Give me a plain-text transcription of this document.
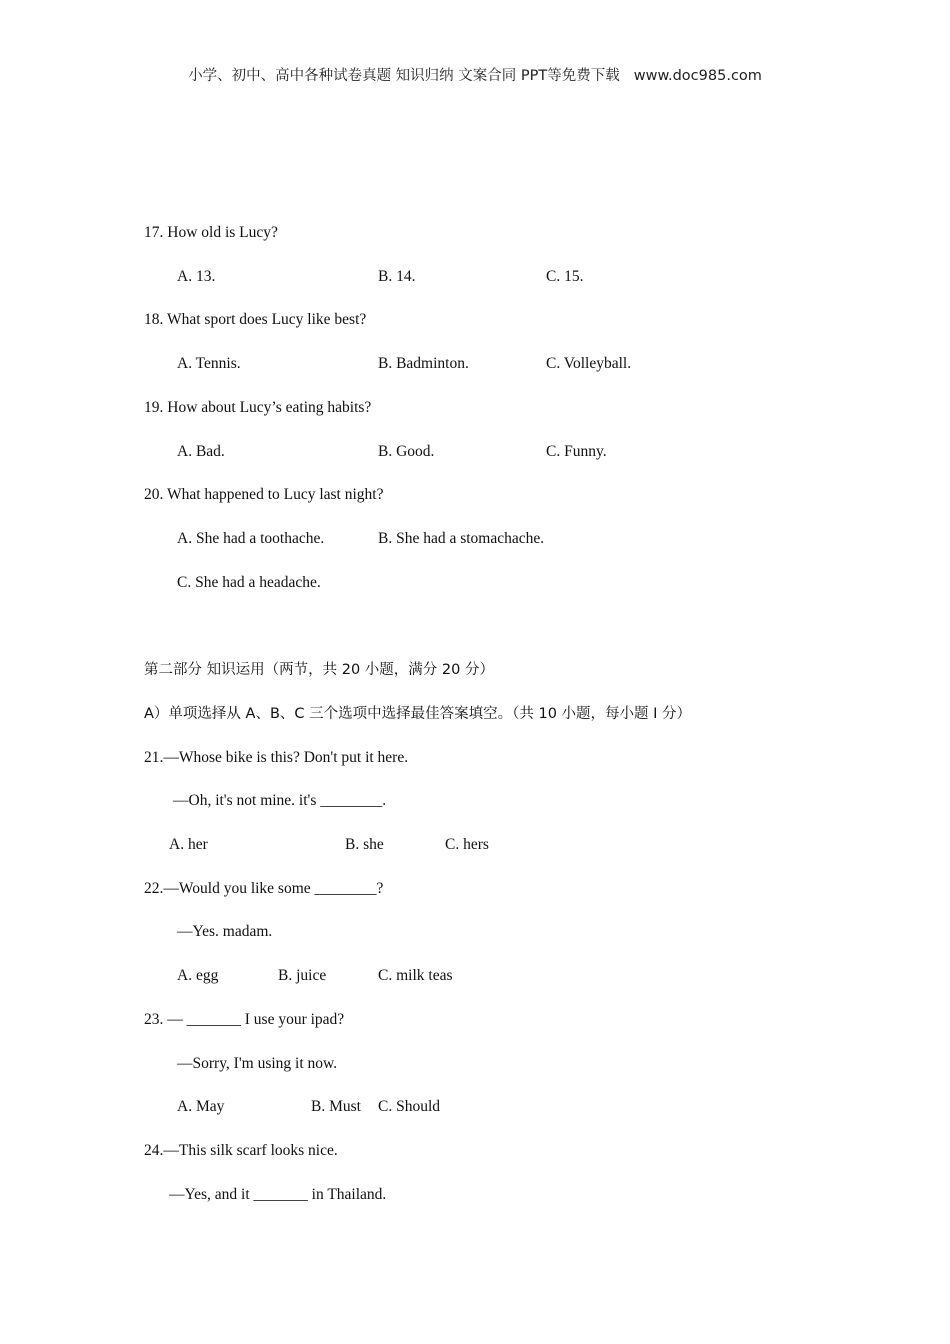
小学、初中、高中各种试卷真题 知识归纳 文案合同 PPT等免费下载 www.doc985.com
17. How old is Lucy?
A. 13.	B. 14.	C. 15.
18. What sport does Lucy like best?
A. Tennis.	B. Badminton.	C. Volleyball.
19. How about Lucy’s eating habits?
A. Bad.	B. Good.	C. Funny.
20. What happened to Lucy last night?
A. She had a toothache.	B. She had a stomachache.
C. She had a headache.
第二部分 知识运用（两节，共 20 小题，满分 20 分）
A）单项选择从 A、B、C 三个选项中选择最佳答案填空。（共 10 小题，每小题 I 分）
21.—Whose bike is this? Don't put it here.
—Oh, it's not mine. it's ________.
A. her	B. she	C. hers
22.—Would you like some ________?
—Yes. madam.
A. egg	B. juice	C. milk teas
23. — _______ I use your ipad?
—Sorry, I'm using it now.
A. May	B. Must C. Should
24.—This silk scarf looks nice.
—Yes, and it _______ in Thailand.
